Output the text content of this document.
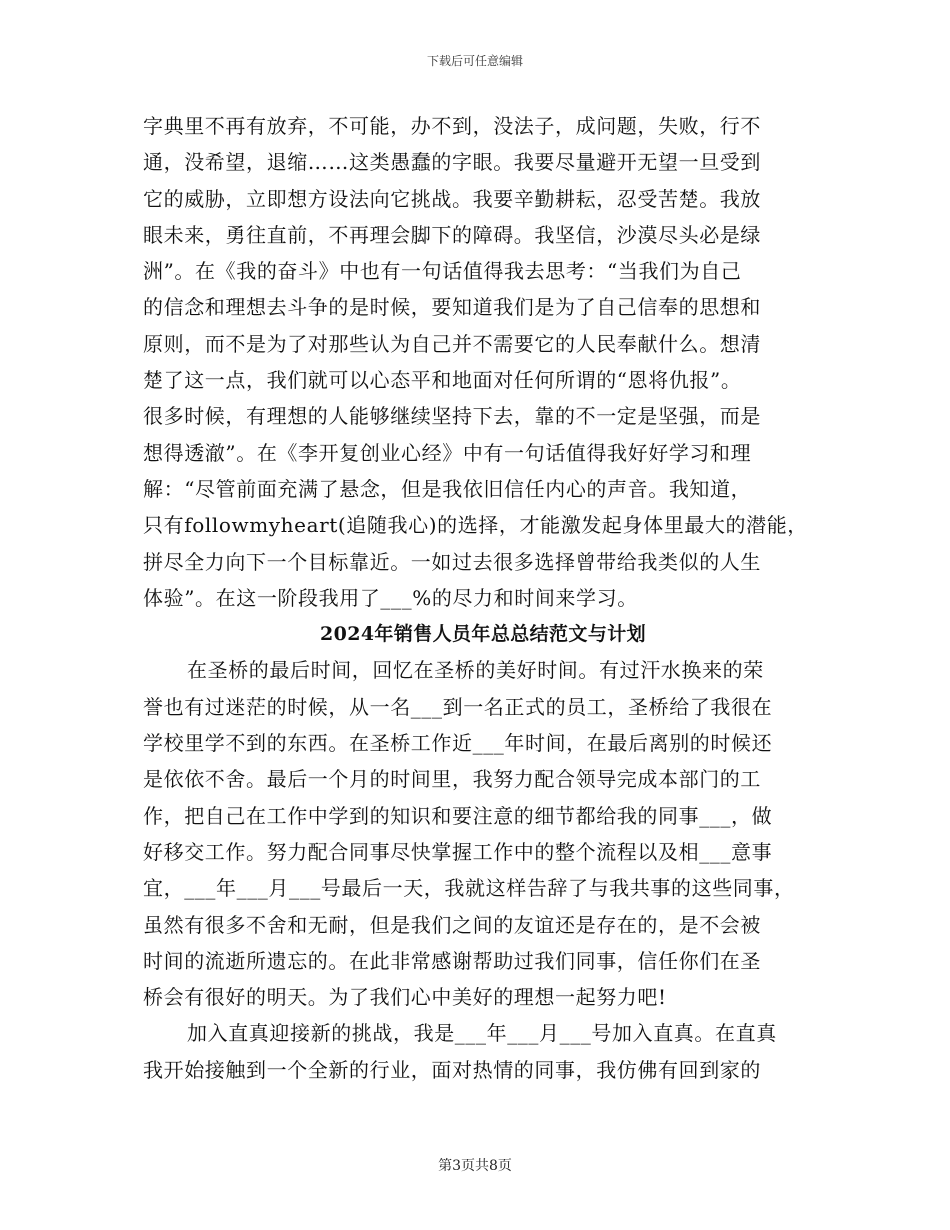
下载后可任意编辑
字典里不再有放弃，不可能，办不到，没法子，成问题，失败，行不
通，没希望，退缩……这类愚蠢的字眼。我要尽量避开无望一旦受到
它的威胁，立即想方设法向它挑战。我要辛勤耕耘，忍受苦楚。我放
眼未来，勇往直前，不再理会脚下的障碍。我坚信，沙漠尽头必是绿
洲”。在《我的奋斗》中也有一句话值得我去思考：“当我们为自己
的信念和理想去斗争的是时候，要知道我们是为了自己信奉的思想和
原则，而不是为了对那些认为自己并不需要它的人民奉献什么。想清
楚了这一点，我们就可以心态平和地面对任何所谓的“恩将仇报”。
很多时候，有理想的人能够继续坚持下去，靠的不一定是坚强，而是
想得透澈”。在《李开复创业心经》中有一句话值得我好好学习和理
解：“尽管前面充满了悬念，但是我依旧信任内心的声音。我知道，
只有followmyheart(追随我心)的选择，才能激发起身体里最大的潜能，
拼尽全力向下一个目标靠近。一如过去很多选择曾带给我类似的人生
体验”。在这一阶段我用了___%的尽力和时间来学习。
2024年销售人员年总总结范文与计划
在圣桥的最后时间，回忆在圣桥的美好时间。有过汗水换来的荣
誉也有过迷茫的时候，从一名___到一名正式的员工，圣桥给了我很在
学校里学不到的东西。在圣桥工作近___年时间，在最后离别的时候还
是依依不舍。最后一个月的时间里，我努力配合领导完成本部门的工
作，把自己在工作中学到的知识和要注意的细节都给我的同事___，做
好移交工作。努力配合同事尽快掌握工作中的整个流程以及相___意事
宜，___年___月___号最后一天，我就这样告辞了与我共事的这些同事，
虽然有很多不舍和无耐，但是我们之间的友谊还是存在的，是不会被
时间的流逝所遗忘的。在此非常感谢帮助过我们同事，信任你们在圣
桥会有很好的明天。为了我们心中美好的理想一起努力吧!
加入直真迎接新的挑战，我是___年___月___号加入直真。在直真
我开始接触到一个全新的行业，面对热情的同事，我仿佛有回到家的
第3页共8页
